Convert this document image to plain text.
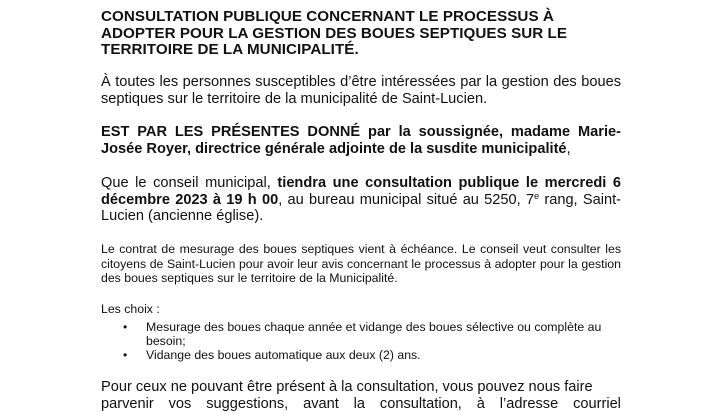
CONSULTATION PUBLIQUE CONCERNANT LE PROCESSUS À ADOPTER POUR LA GESTION DES BOUES SEPTIQUES SUR LE TERRITOIRE DE LA MUNICIPALITÉ.

À toutes les personnes susceptibles d’être intéressées par la gestion des boues septiques sur le territoire de la municipalité de Saint-Lucien.

EST PAR LES PRÉSENTES DONNÉ par la soussignée, madame Marie-Josée Royer, directrice générale adjointe de la susdite municipalité,

Que le conseil municipal, tiendra une consultation publique le mercredi 6 décembre 2023 à 19 h 00, au bureau municipal situé au 5250, 7e rang, Saint-Lucien (ancienne église).

Le contrat de mesurage des boues septiques vient à échéance. Le conseil veut consulter les citoyens de Saint-Lucien pour avoir leur avis concernant le processus à adopter pour la gestion des boues septiques sur le territoire de la Municipalité.

Les choix :

• Mesurage des boues chaque année et vidange des boues sélective ou complète au besoin;
• Vidange des boues automatique aux deux (2) ans.

Pour ceux ne pouvant être présent à la consultation, vous pouvez nous faire

parvenir vos suggestions, avant la consultation, à l’adresse courriel
